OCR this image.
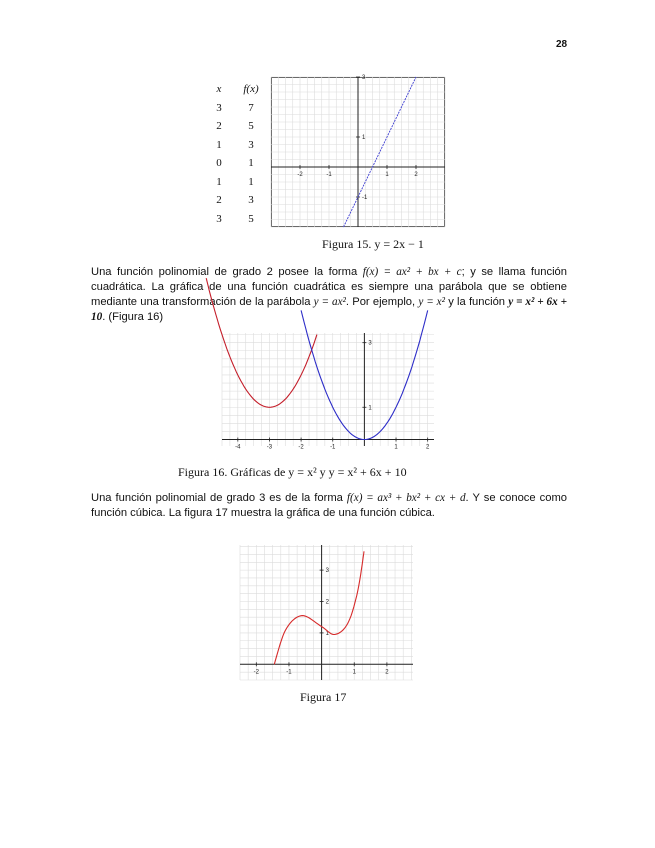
28
x	f(x)
3	7
2	5
1	3
0	1
1	1
2	3
3	5
-2	-1	1	2
3
1
-1
Figura 15. y = 2x − 1
Una función polinomial de grado 2 posee la forma f(x) = ax² + bx + c; y se llama función cuadrática. La gráfica de una función cuadrática es siempre una parábola que se obtiene mediante una transformación de la parábola y = ax². Por ejemplo, y = x² y la función y = x² + 6x + 10. (Figura 16)
-4	-3	-2	-1	1	2
3
1
Figura 16. Gráficas de y = x² y y = x² + 6x + 10
Una función polinomial de grado 3 es de la forma f(x) = ax³ + bx² + cx + d. Y se conoce como función cúbica. La figura 17 muestra la gráfica de una función cúbica.
-2	-1	1	2
3
2
1
Figura 17
